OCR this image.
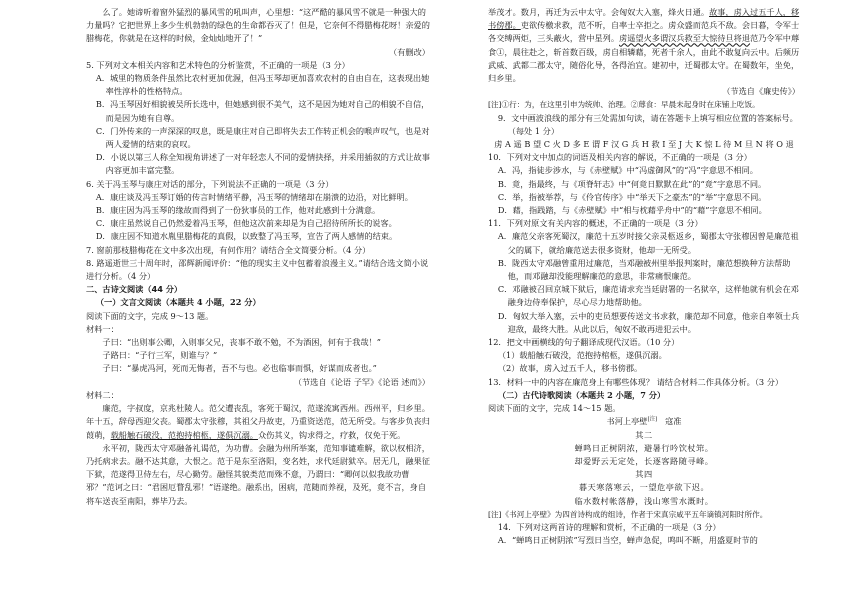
么了。她谛听着窗外猛烈的暴风雪的吼叫声，心里想：“这严酷的暴风雪不就是一种强大的力量吗？它把世界上多少生机勃勃的绿色的生命都吞灭了！但是，它奈何不得腊梅花呀！亲爱的腊梅花，你就是在这样的时候，金灿灿地开了！”

（有删改）

5. 下列对文本相关内容和艺术特色的分析鉴赏，不正确的一项是（3 分）

A．城里的物质条件虽然比农村更加优渥，但冯玉琴却更加喜欢农村的自由自在，这表现出她率性淳朴的性格特点。

B．冯玉琴因好相貌被吴所长选中，但她感到很不美气，这不是因为她对自己的相貌不自信，而是因为她有自尊。

C．门外传来的一声深深的叹息，既是康庄对自己即将失去工作转正机会的喉声叹气，也是对两人爱情的结束的哀叹。

D．小说以第三人称全知视角讲述了一对年轻恋人不同的爱情抉择，并采用插叙的方式让故事内容更加丰富完整。

6. 关于冯玉琴与康庄对话的部分，下列说法不正确的一项是（3 分）

A．康庄谈及冯玉琴订婚的传言时情绪平静，冯玉琴的情绪却在崩溃的边沿，对比鲜明。

B．康庄因为冯玉琴的缘故而得到了一份狄事员的工作，他对此感到十分满意。

C．康庄虽然说自己仍然爱着冯玉琴，但他这次前来却是为自己招待所所长的说客。

D．康庄因不知道水胤里腊梅花的真假，以致整了冯玉琴，宣告了两人感情的结束。

7. 窗前那枝腊梅花在文中多次出现，有何作用？请结合全文简要分析。（4 分）

8. 路遥逝世三十周年时，邵辉新闻评价：“他的现实主义中包蓄着浪漫主义。”请结合选文简小说进行分析。（4 分）

二、古诗文阅读（44 分）

（一）文言文阅读（本题共 4 小题，22 分）

阅读下面的文字，完成 9～13 题。

材料一：

子曰：“出则事公卿，入则事父兄，丧事不敢不勉，不为酒困，何有于我哉！”

子路曰：“子行三军，则谁与？”

子曰：“暴虎冯河，死而无悔者，吾不与也。必也临事而惧，好谋而成者也。”

（节选自《论语 子罕》《论语 述而》）

材料二：

廉范，字叔度，京兆杜陵人。范父遭丧乱，客死于蜀汉，范遂流寓西州。西州平，归乡里。年十五，辞母西迎父丧。蜀郡太守张穆，其祖父丹故吏，乃重资送范，范无所受。与客步负丧归葭萌，载船触石破没，范抱持棺柩，遂俱沉溺。众伤其义，钩求得之，疗救，仅免于死。

永平初，陇西太守邓融备礼谒范，为功曹。会融为州所举案，范知事谴难解，欲以权相济，乃托病求去。融不达其意，大恨之。范于是东至洛阳，变名姓，求代廷尉狱卒。居无几，融果征下狱，范遂得卫侍左右，尽心勤劳。融怪其貌类范而殊不意，乃谓曰：“卿何以似我故功曹邪？”范诃之曰：“君困厄瞀乱邪！”语遂绝。融系出，困病，范随而养视，及死，竟不言，身自将车送丧至南阳，葬毕乃去。

举茂才。数月，再迁为云中太守。会匈奴大入塞，烽火日通。故事，虏入过五千人，移书傍郡。吏欲传檄求救，范不听，自率士卒拒之。虏众盛而范兵不敌。会日暮，令军士各交缚两炬，三头蔽火，营中星列。虏遥望火多谓汉兵救至大惊待旦将退范乃令军中蓐食①，晨往赴之，斩首数百级，虏自相辚藉，死者千余人，由此不敢复向云中。后频历武威、武都二郡太守，随俗化导，各得治宜。建初中，迁蜀郡太守。在蜀数年，坐免，归乡里。

（节选自《廉史传》）

[注]①行：为，在这里引申为统帅、治理。②蓐食：早晨未起身时在床铺上吃饭。

9．文中画波浪线的部分有三处需加句读，请在答题卡上填写相应位置的答案标号。（每处 1 分）

虏 A 遥 B 望 C 火 D 多 E 谓 F 汉 G 兵 H 救 I 至 J 大 K 惊 L 待 M 旦 N 将 O 退

10．下列对文中加点的词语及相关内容的解说，不正确的一项是（3 分）

A．冯，指徒步涉水，与《赤壁赋》中“冯虚御风”的“冯”字意思不相同。

B．竟，指最终，与《项脊轩志》中“何竟日默默在此”的“竟”字意思不同。

C．举，指被举荐，与《伶官传序》中“举天下之豪杰”的“举”字意思不同。

D．藉，指践踏，与《赤壁赋》中“相与枕藉乎舟中”的“藉”字意思不相同。

11．下列对原文有关内容的概述，不正确的一项是（3 分）

A．廉范父亲客死蜀汉，廉范十五岁时接父亲灵柩返乡，蜀郡太守张穆因曾是廉范祖父的属下，就给廉范送去很多资财，他却一无所受。

B．陇西太守邓融曾重用过廉范，当邓融被州里举报判案时，廉范想换种方法帮助他，而邓融却没能理解廉范的意思，非常痛恨廉范。

C．邓融被召回京城下狱后，廉范请求充当廷尉署的一名狱卒，这样他就有机会在邓融身边侍奉保护，尽心尽力地帮助他。

D．匈奴大举入塞，云中的吏员想要传送文书求救，廉范却不同意，他亲自率领士兵迎敌，最终大胜。从此以后，匈奴不敢再进犯云中。

12．把文中画横线的句子翻译成现代汉语。（10 分）

（1）载船触石破没，范抱持棺柩，遂俱沉溺。

（2）故事，虏入过五千人，移书傍郡。

13．材料一中的内容在廉范身上有哪些体现？ 请结合材料二作具体分析。（3 分）

（二）古代诗歌阅读（本题共 2 小题，7 分）

阅读下面的文字，完成 14～15 题。

书河上亭壁[注] 寇准

其二

蝉鸣日正树阴浓，避暑行吟饮杖筇。

却爱野云无定处，长逐客路随寻峰。

其四

暮天寒落寒云，一望危亭欲下迟。

临水数村帐落静，浅山寒雪水溉时。

[注]《书河上亭壁》为四首诗构成的组诗，作者于宋真宗咸平五年谪镇河阳时所作。

14．下列对这两首诗的理解和赏析，不正确的一项是（3 分）

A．“蝉鸣日正树阴浓”写烈日当空，蝉声急促，鸣叫不断，用盛夏时节的
